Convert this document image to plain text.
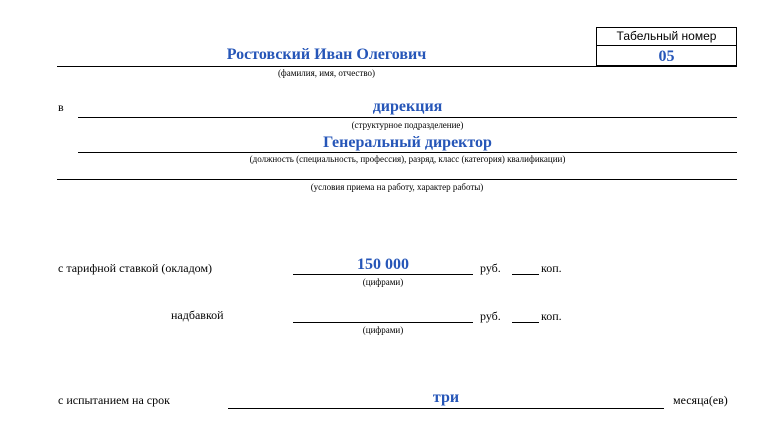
Табельный номер
05
Ростовский Иван Олегович
(фамилия, имя, отчество)
в	дирекция
(структурное подразделение)
Генеральный директор
(должность (специальность, профессия), разряд, класс (категория) квалификации)
(условия приема на работу, характер работы)
с тарифной ставкой (окладом)	150 000
(цифрами)
руб.	коп.
надбавкой
(цифрами)
руб.	коп.
с испытанием на срок	три	месяца(ев)
